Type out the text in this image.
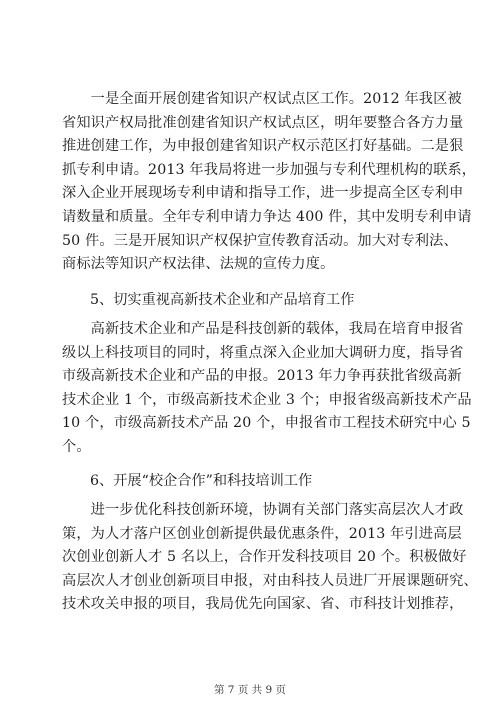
　　一是全面开展创建省知识产权试点区工作。2012 年我区被
省知识产权局批准创建省知识产权试点区，明年要整合各方力量
推进创建工作，为申报创建省知识产权示范区打好基础。二是狠
抓专利申请。2013 年我局将进一步加强与专利代理机构的联系，
深入企业开展现场专利申请和指导工作，进一步提高全区专利申
请数量和质量。全年专利申请力争达 400 件，其中发明专利申请
50 件。三是开展知识产权保护宣传教育活动。加大对专利法、
商标法等知识产权法律、法规的宣传力度。
5、切实重视高新技术企业和产品培育工作
　　高新技术企业和产品是科技创新的载体，我局在培育申报省
级以上科技项目的同时，将重点深入企业加大调研力度，指导省
市级高新技术企业和产品的申报。2013 年力争再获批省级高新
技术企业 1 个，市级高新技术企业 3 个；申报省级高新技术产品
10 个，市级高新技术产品 20 个，申报省市工程技术研究中心 5
个。
6、开展“校企合作”和科技培训工作
　　进一步优化科技创新环境，协调有关部门落实高层次人才政
策，为人才落户区创业创新提供最优惠条件，2013 年引进高层
次创业创新人才 5 名以上，合作开发科技项目 20 个。积极做好
高层次人才创业创新项目申报，对由科技人员进厂开展课题研究、
技术攻关申报的项目，我局优先向国家、省、市科技计划推荐，
第 7 页 共 9 页
